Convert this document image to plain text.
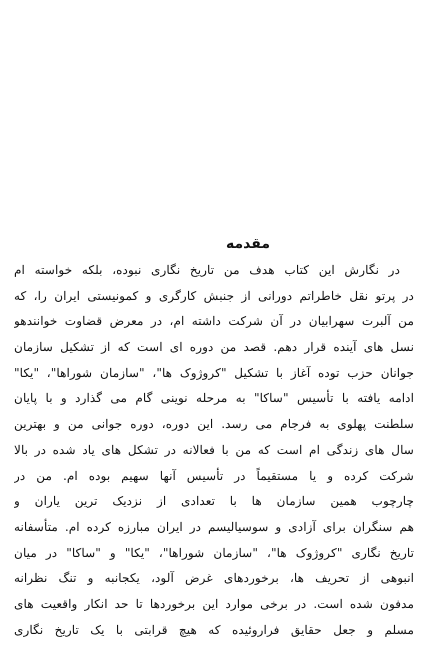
مقدمه
در نگارش این کتاب هدف من تاریخ نگاری نبوده، بلکه خواسته ام
در پرتو نقل خاطراتم دورانی از جنبش کارگری و کمونیستی ایران را، که
من آلبرت سهرابیان در آن شرکت داشته ام، در معرض قضاوت خوانندهو
نسل های آینده قرار دهم. قصد من دوره ای است که از تشکیل سازمان
جوانان حزب توده آغاز با تشکیل "کروژوک ها"، "سازمان شوراها"، "یکا"
ادامه یافته با تأسیس "ساکا" به مرحله نوینی گام می گذارد و با پایان
سلطنت پهلوی به فرجام می رسد. این دوره، دوره جوانی من و بهترین
سال های زندگی ام است که من با فعالانه در تشکل های یاد شده در بالا
شرکت کرده و یا مستقیماً در تأسیس آنها سهیم بوده ام. من در
چارچوب همین سازمان ها با تعدادی از نزدیک ترین یاران و
هم سنگران برای آزادی و سوسیالیسم در ایران مبارزه کرده ام. متأسفانه
تاریخ نگاری "کروژوک ها"، "سازمان شوراها"، "یکا" و "ساکا" در میان
انبوهی از تحریف ها، برخوردهای غرض آلود، یکجانبه و تنگ نظرانه
مدفون شده است. در برخی موارد این برخوردها تا حد انکار واقعیت های
مسلم و جعل حقایق فراروئیده که هیچ قرابتی با یک تاریخ نگاری
